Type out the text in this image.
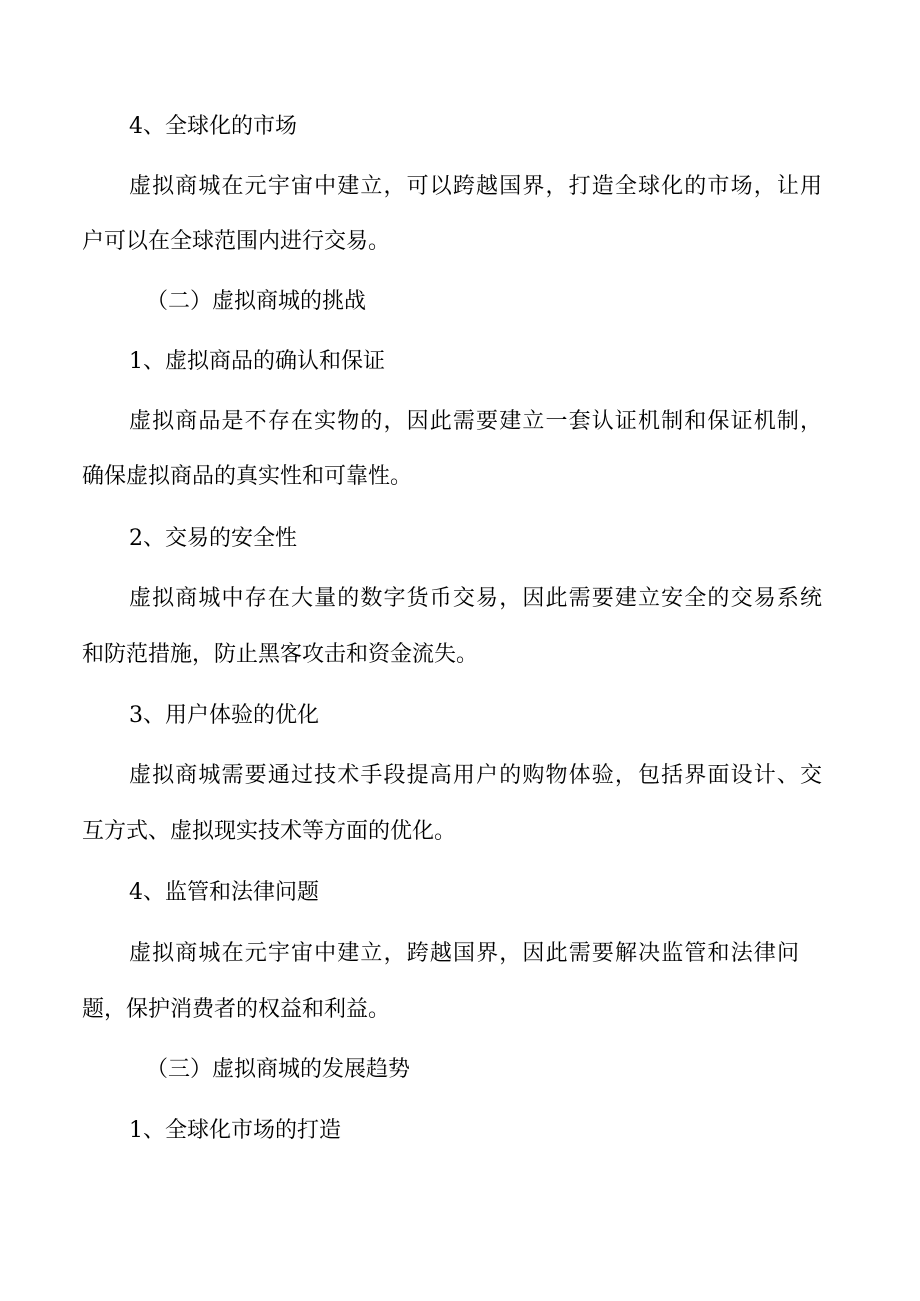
4、全球化的市场

虚拟商城在元宇宙中建立，可以跨越国界，打造全球化的市场，让用

户可以在全球范围内进行交易。

（二）虚拟商城的挑战

1、虚拟商品的确认和保证

虚拟商品是不存在实物的，因此需要建立一套认证机制和保证机制，

确保虚拟商品的真实性和可靠性。

2、交易的安全性

虚拟商城中存在大量的数字货币交易，因此需要建立安全的交易系统

和防范措施，防止黑客攻击和资金流失。

3、用户体验的优化

虚拟商城需要通过技术手段提高用户的购物体验，包括界面设计、交

互方式、虚拟现实技术等方面的优化。

4、监管和法律问题

虚拟商城在元宇宙中建立，跨越国界，因此需要解决监管和法律问

题，保护消费者的权益和利益。

（三）虚拟商城的发展趋势

1、全球化市场的打造
